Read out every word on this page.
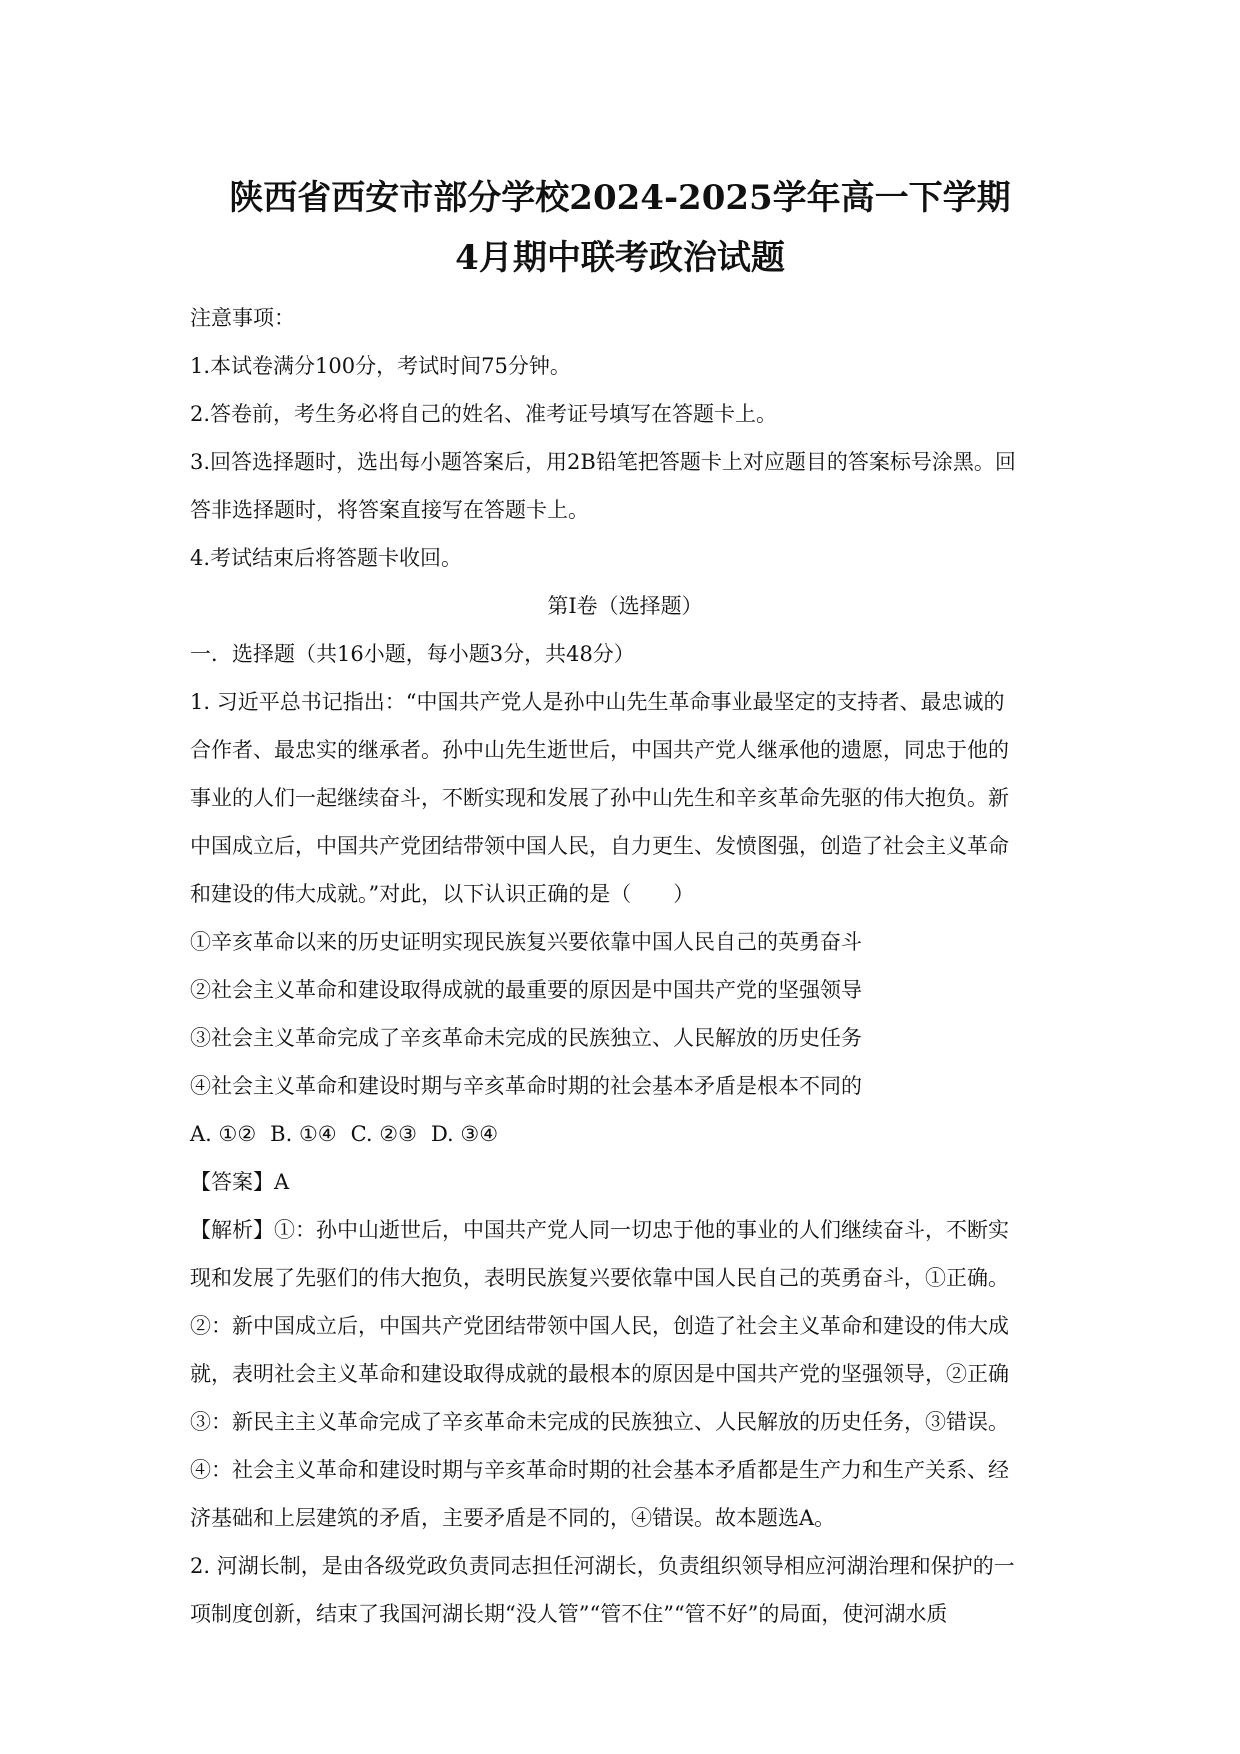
陕西省西安市部分学校2024-2025学年高一下学期
4月期中联考政治试题
注意事项：
1.本试卷满分100分，考试时间75分钟。
2.答卷前，考生务必将自己的姓名、准考证号填写在答题卡上。
3.回答选择题时，选出每小题答案后，用2B铅笔把答题卡上对应题目的答案标号涂黑。回
答非选择题时，将答案直接写在答题卡上。
4.考试结束后将答题卡收回。
第Ⅰ卷（选择题）
一．选择题（共16小题，每小题3分，共48分）
1. 习近平总书记指出：“中国共产党人是孙中山先生革命事业最坚定的支持者、最忠诚的
合作者、最忠实的继承者。孙中山先生逝世后，中国共产党人继承他的遗愿，同忠于他的
事业的人们一起继续奋斗，不断实现和发展了孙中山先生和辛亥革命先驱的伟大抱负。新
中国成立后，中国共产党团结带领中国人民，自力更生、发愤图强，创造了社会主义革命
和建设的伟大成就。”对此，以下认识正确的是（　　）
①辛亥革命以来的历史证明实现民族复兴要依靠中国人民自己的英勇奋斗
②社会主义革命和建设取得成就的最重要的原因是中国共产党的坚强领导
③社会主义革命完成了辛亥革命未完成的民族独立、人民解放的历史任务
④社会主义革命和建设时期与辛亥革命时期的社会基本矛盾是根本不同的
A. ①② B. ①④ C. ②③ D. ③④
【答案】A
【解析】①：孙中山逝世后，中国共产党人同一切忠于他的事业的人们继续奋斗，不断实
现和发展了先驱们的伟大抱负，表明民族复兴要依靠中国人民自己的英勇奋斗，①正确。
②：新中国成立后，中国共产党团结带领中国人民，创造了社会主义革命和建设的伟大成
就，表明社会主义革命和建设取得成就的最根本的原因是中国共产党的坚强领导，②正确
③：新民主主义革命完成了辛亥革命未完成的民族独立、人民解放的历史任务，③错误。
④：社会主义革命和建设时期与辛亥革命时期的社会基本矛盾都是生产力和生产关系、经
济基础和上层建筑的矛盾，主要矛盾是不同的，④错误。故本题选A。
2. 河湖长制，是由各级党政负责同志担任河湖长，负责组织领导相应河湖治理和保护的一
项制度创新，结束了我国河湖长期“没人管”“管不住”“管不好”的局面，使河湖水质
